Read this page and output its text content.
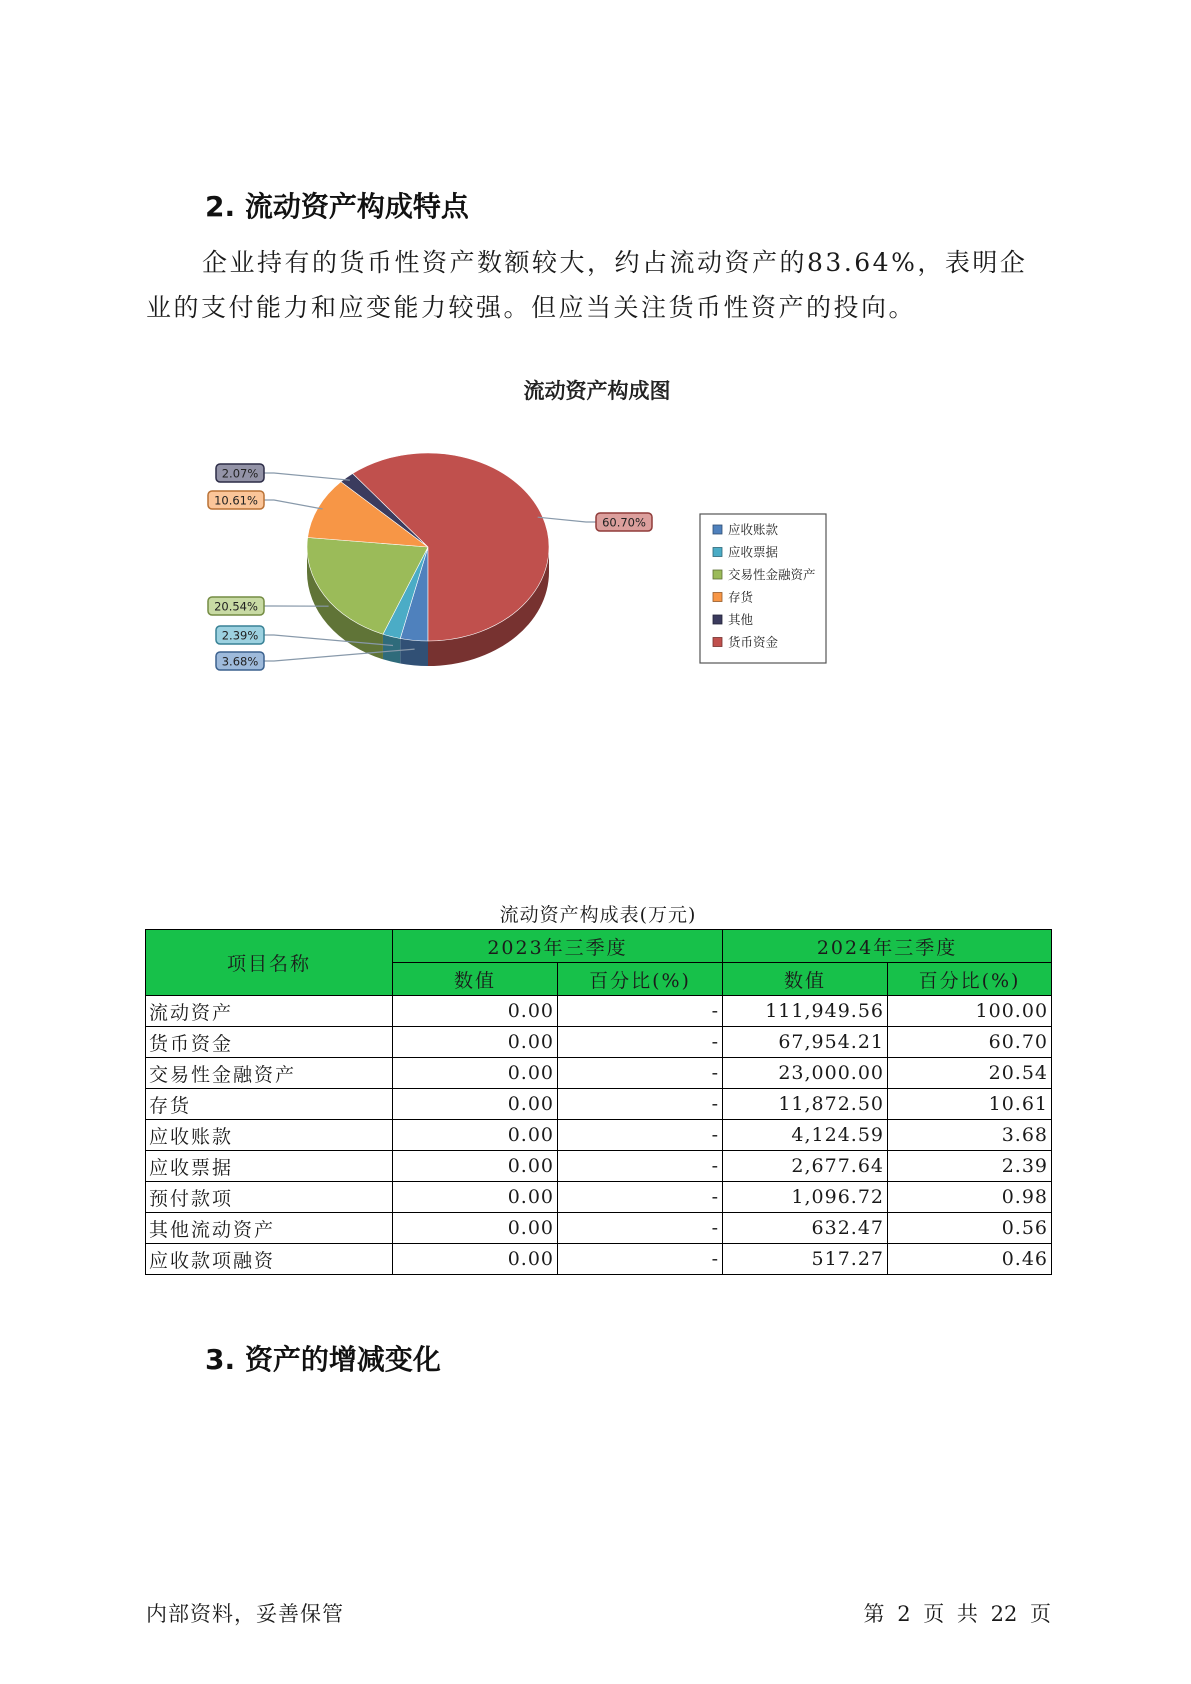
2. 流动资产构成特点

企业持有的货币性资产数额较大，约占流动资产的83.64%，表明企业的支付能力和应变能力较强。但应当关注货币性资产的投向。

流动资产构成图
3.68%
2.39%
20.54%
10.61%
2.07%
60.70%	应收账款
应收票据
交易性金融资产
存货
其他
货币资金
流动资产构成表(万元)
项目名称	2023年三季度		2024年三季度	
	数值	百分比(%)	数值	百分比(%)
流动资产	0.00	-	111,949.56	100.00
货币资金	0.00	-	67,954.21	60.70
交易性金融资产	0.00	-	23,000.00	20.54
存货	0.00	-	11,872.50	10.61
应收账款	0.00	-	4,124.59	3.68
应收票据	0.00	-	2,677.64	2.39
预付款项	0.00	-	1,096.72	0.98
其他流动资产	0.00	-	632.47	0.56
应收款项融资	0.00	-	517.27	0.46
3. 资产的增减变化
内部资料，妥善保管	第 2 页 共 22 页
